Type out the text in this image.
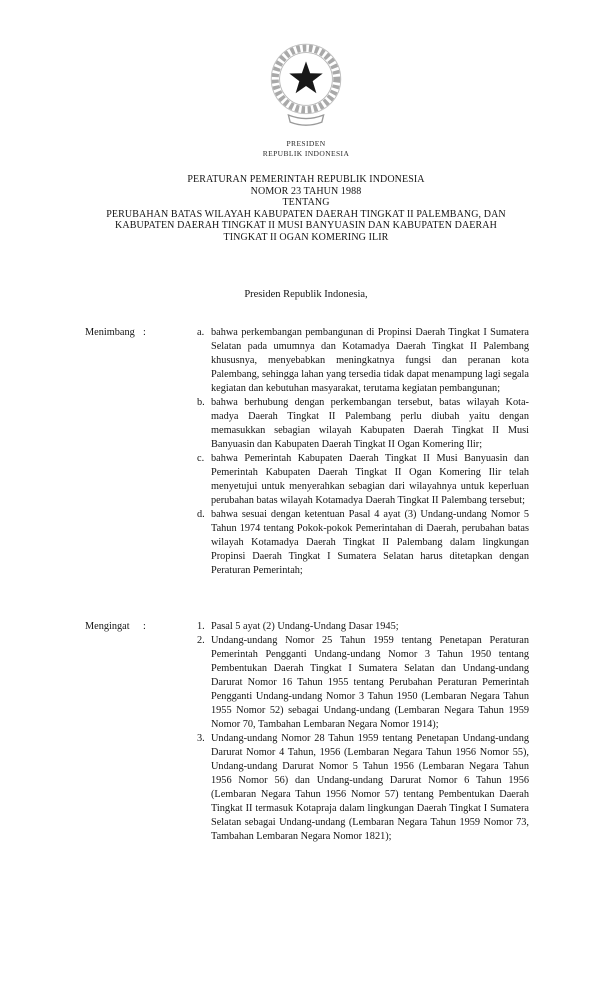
PRESIDEN
REPUBLIK INDONESIA
PERATURAN PEMERINTAH REPUBLIK INDONESIA
NOMOR 23 TAHUN 1988
TENTANG
PERUBAHAN BATAS WILAYAH KABUPATEN DAERAH TINGKAT II PALEMBANG, DAN
KABUPATEN DAERAH TINGKAT II MUSI BANYUASIN DAN KABUPATEN DAERAH
TINGKAT II OGAN KOMERING ILIR
Presiden Republik Indonesia,
Menimbang :	a. bahwa perkembangan pembangunan di Propinsi Daerah Tingkat I Sumatera Selatan pada umumnya dan Kotamadya Daerah Tingkat II Palembang khususnya, menyebabkan meningkatnya fungsi dan peranan kota Palembang, sehingga lahan yang tersedia tidak dapat menampung lagi segala kegiatan dan kebutuhan masyarakat, terutama kegiatan pembangunan;
b. bahwa berhubung dengan perkembangan tersebut, batas wilayah Kota- madya Daerah Tingkat II Palembang perlu diubah yaitu dengan memasukkan sebagian wilayah Kabupaten Daerah Tingkat II Musi Banyuasin dan Kabupaten Daerah Tingkat II Ogan Komering Ilir;
c. bahwa Pemerintah Kabupaten Daerah Tingkat II Musi Banyuasin dan Pemerintah Kabupaten Daerah Tingkat II Ogan Komering Ilir telah menyetujui untuk menyerahkan sebagian dari wilayahnya untuk keperluan perubahan batas wilayah Kotamadya Daerah Tingkat II Palembang tersebut;
d. bahwa sesuai dengan ketentuan Pasal 4 ayat (3) Undang-undang Nomor 5 Tahun 1974 tentang Pokok-pokok Pemerintahan di Daerah, perubahan batas wilayah Kotamadya Daerah Tingkat II Palembang dalam lingkungan Propinsi Daerah Tingkat I Sumatera Selatan harus ditetapkan dengan Peraturan Pemerintah;
Mengingat	:	1. Pasal 5 ayat (2) Undang-Undang Dasar 1945;
2. Undang-undang Nomor 25 Tahun 1959 tentang Penetapan Peraturan Pemerintah Pengganti Undang-undang Nomor 3 Tahun 1950 tentang Pembentukan Daerah Tingkat I Sumatera Selatan dan Undang-undang Darurat Nomor 16 Tahun 1955 tentang Perubahan Peraturan Pemerintah Pengganti Undang-undang Nomor 3 Tahun 1950 (Lembaran Negara Tahun 1955 Nomor 52) sebagai Undang-undang (Lembaran Negara Tahun 1959 Nomor 70, Tambahan Lembaran Negara Nomor 1914);
3. Undang-undang Nomor 28 Tahun 1959 tentang Penetapan Undang-undang Darurat Nomor 4 Tahun, 1956 (Lembaran Negara Tahun 1956 Nomor 55), Undang-undang Darurat Nomor 5 Tahun 1956 (Lembaran Negara Tahun 1956 Nomor 56) dan Undang-undang Darurat Nomor 6 Tahun 1956 (Lembaran Negara Tahun 1956 Nomor 57) tentang Pembentukan Daerah Tingkat II termasuk Kotapraja dalam lingkungan Daerah Tingkat I Sumatera Selatan sebagai Undang-undang (Lembaran Negara Tahun 1959 Nomor 73, Tambahan Lembaran Negara Nomor 1821);
